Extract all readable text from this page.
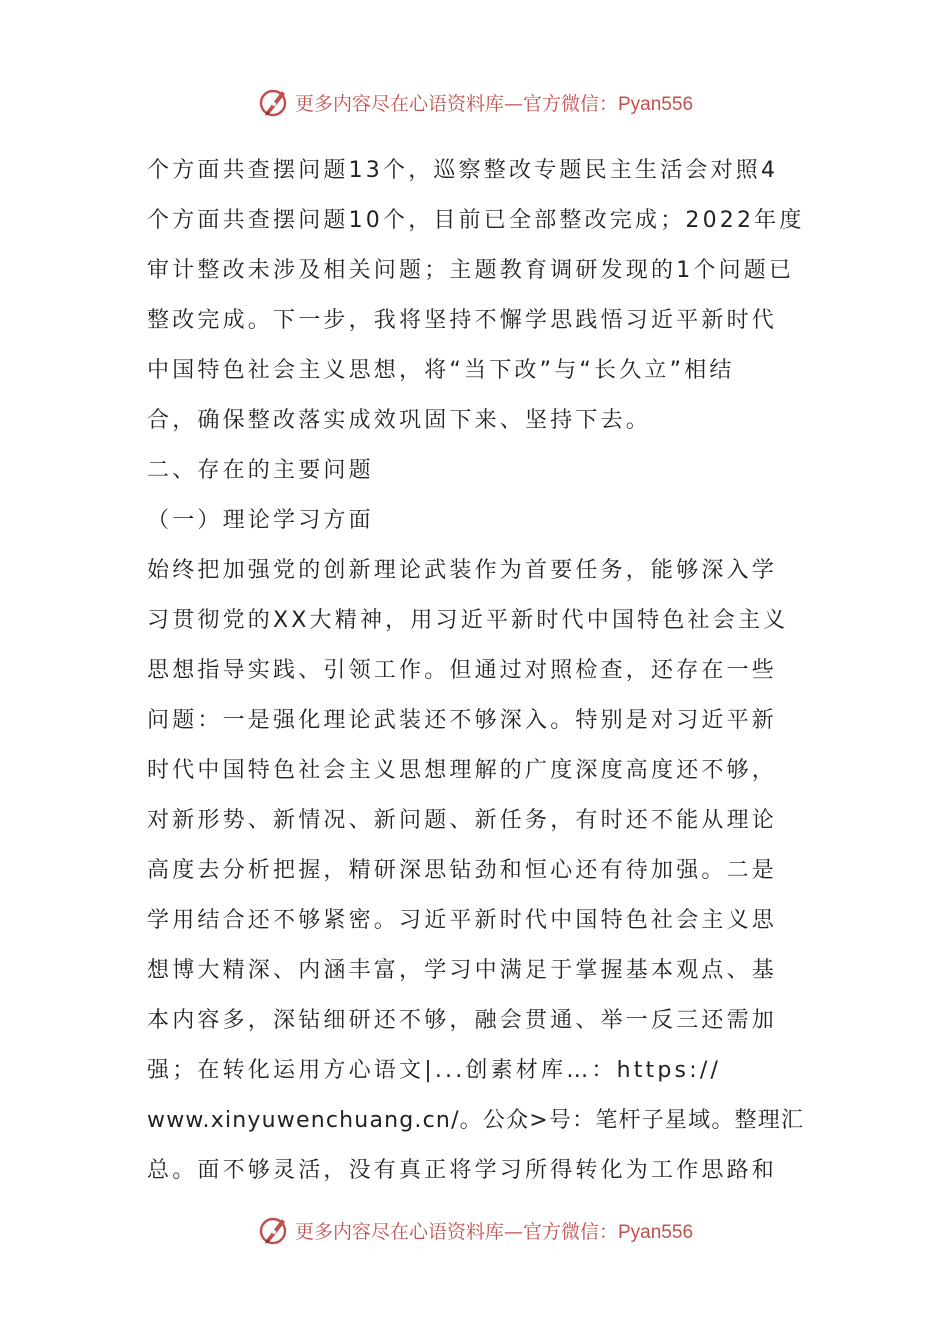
更多内容尽在心语资料库—官方微信：Pyan556
个方面共查摆问题13个，巡察整改专题民主生活会对照4
个方面共查摆问题10个，目前已全部整改完成；2022年度
审计整改未涉及相关问题；主题教育调研发现的1个问题已
整改完成。下一步，我将坚持不懈学思践悟习近平新时代
中国特色社会主义思想，将“当下改”与“长久立”相结
合，确保整改落实成效巩固下来、坚持下去。
二、存在的主要问题
（一）理论学习方面
始终把加强党的创新理论武装作为首要任务，能够深入学
习贯彻党的XX大精神，用习近平新时代中国特色社会主义
思想指导实践、引领工作。但通过对照检查，还存在一些
问题：一是强化理论武装还不够深入。特别是对习近平新
时代中国特色社会主义思想理解的广度深度高度还不够，
对新形势、新情况、新问题、新任务，有时还不能从理论
高度去分析把握，精研深思钻劲和恒心还有待加强。二是
学用结合还不够紧密。习近平新时代中国特色社会主义思
想博大精深、内涵丰富，学习中满足于掌握基本观点、基
本内容多，深钻细研还不够，融会贯通、举一反三还需加
强；在转化运用方心语文|...创素材库…：https://
www.xinyuwenchuang.cn/。公众>号：笔杆子星域。整理汇
总。面不够灵活，没有真正将学习所得转化为工作思路和
更多内容尽在心语资料库—官方微信：Pyan556
